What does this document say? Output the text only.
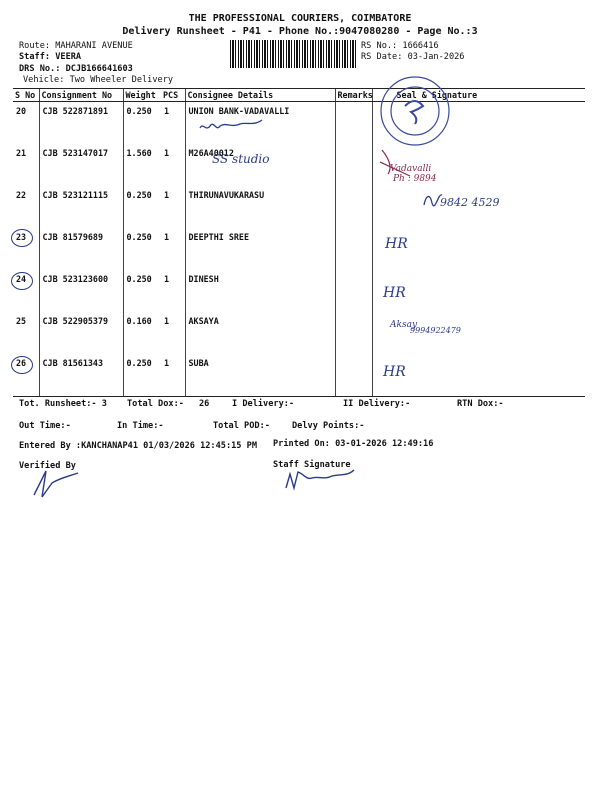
THE PROFESSIONAL COURIERS, COIMBATORE
Delivery Runsheet - P41 - Phone No.:9047080280 - Page No.:3
Route: MAHARANI AVENUE
Staff: VEERA
DRS No.: DCJB166641603
Vehicle: Two Wheeler Delivery
RS No.: 1666416
RS Date: 03-Jan-2026
S No	Consignment No	Weight	PCS	Consignee Details	Remarks	Seal & Signature
20	CJB 522871891	0.250	1	UNION BANK-VADAVALLI		
21	CJB 523147017	1.560	1	M26A40012		
22	CJB 523121115	0.250	1	THIRUNAVUKARASU		
23	CJB 81579689	0.250	1	DEEPTHI SREE		
24	CJB 523123600	0.250	1	DINESH		
25	CJB 522905379	0.160	1	AKSAYA		
26	CJB 81561343	0.250	1	SUBA		
Vadavalli
Ph : 9894
SS studio
9842 4529
HR
HR
Aksay
9994922479
HR
Tot. Runsheet:- 3 Total Dox:- 26	I Delivery:-	II Delivery:-	RTN Dox:-
Out Time:-	In Time:-	Total POD:-	Delvy Points:-
Entered By :KANCHANAP41 01/03/2026 12:45:15 PM Printed On: 03-01-2026 12:49:16
Verified By	Staff Signature
